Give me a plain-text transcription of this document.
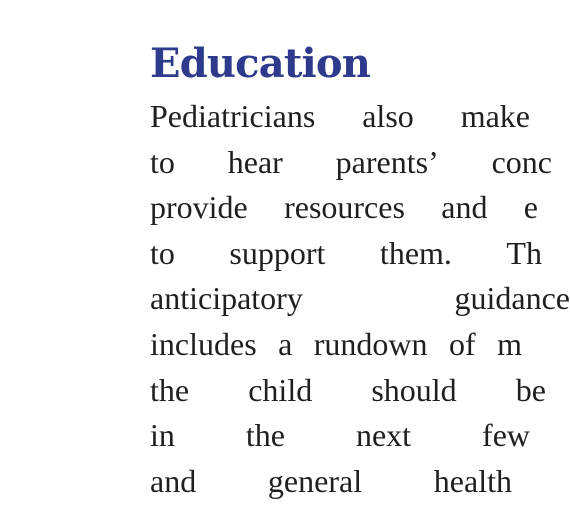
Education
Pediatricians also make
to hear parents’ conc
provide resources and e
to support them. Th
anticipatory	guidance
includes a rundown of m
the child should be
in the next few
and general health
